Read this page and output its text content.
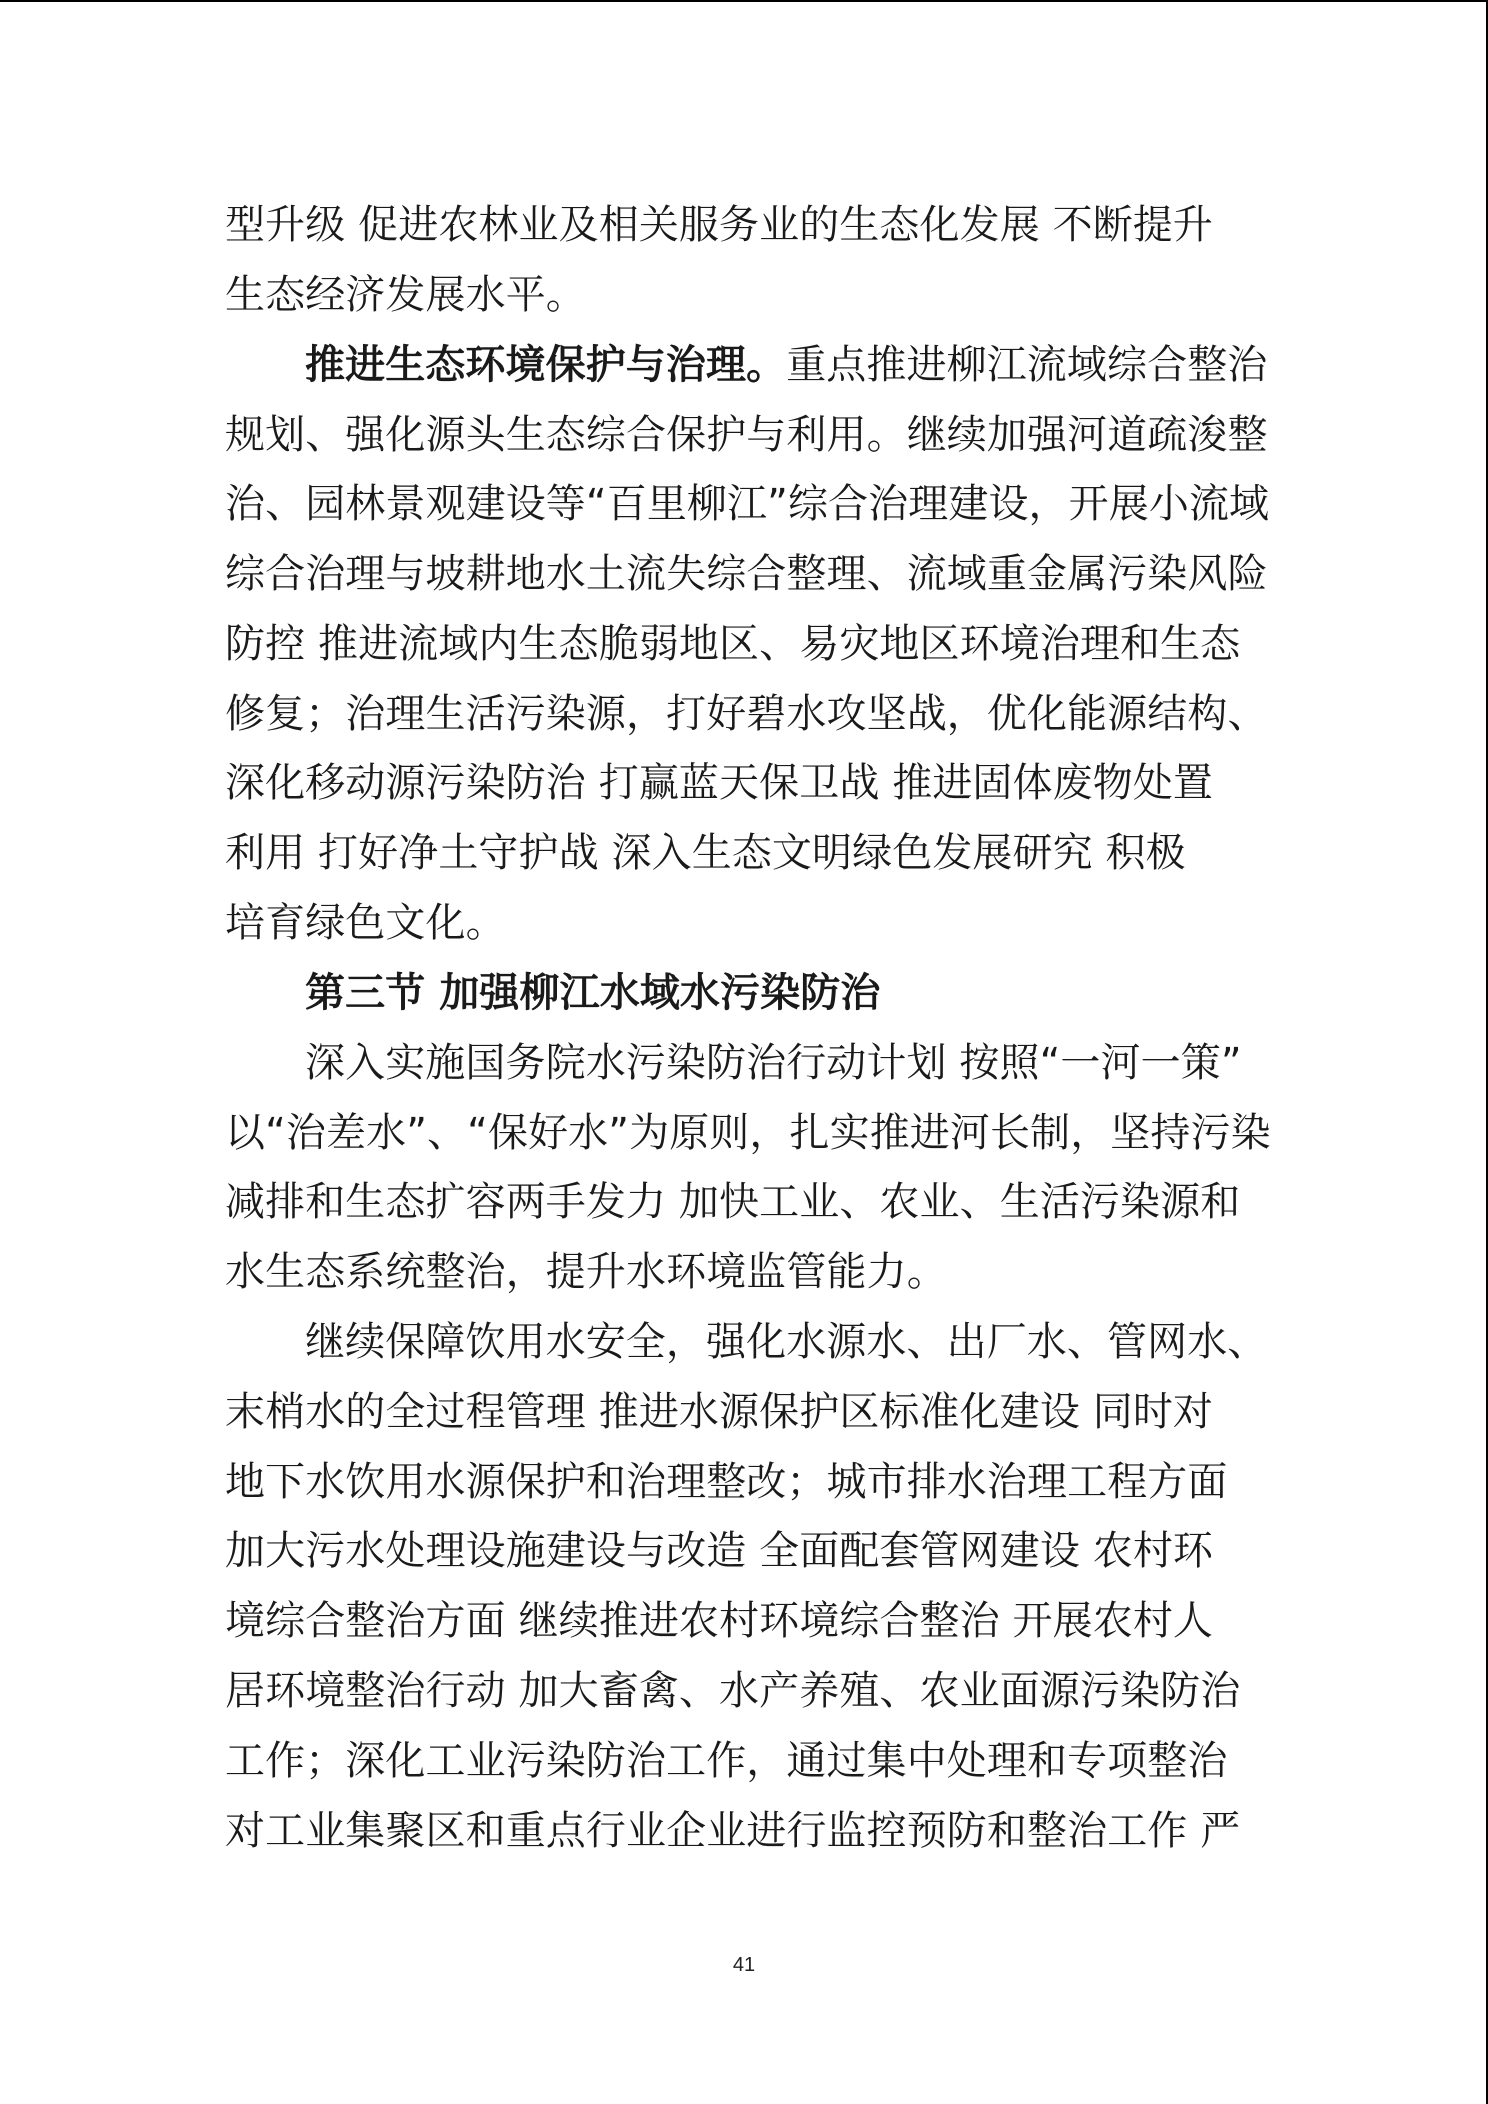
型升级 促进农林业及相关服务业的生态化发展 不断提升
生态经济发展水平。
推进生态环境保护与治理。重点推进柳江流域综合整治
规划、强化源头生态综合保护与利用。继续加强河道疏浚整
治、园林景观建设等“百里柳江”综合治理建设，开展小流域
综合治理与坡耕地水土流失综合整理、流域重金属污染风险
防控 推进流域内生态脆弱地区、易灾地区环境治理和生态
修复；治理生活污染源，打好碧水攻坚战，优化能源结构、
深化移动源污染防治 打赢蓝天保卫战 推进固体废物处置
利用 打好净土守护战 深入生态文明绿色发展研究 积极
培育绿色文化。
第三节 加强柳江水域水污染防治
深入实施国务院水污染防治行动计划 按照“一河一策”
以“治差水”、“保好水”为原则，扎实推进河长制，坚持污染
减排和生态扩容两手发力 加快工业、农业、生活污染源和
水生态系统整治，提升水环境监管能力。
继续保障饮用水安全，强化水源水、出厂水、管网水、
末梢水的全过程管理 推进水源保护区标准化建设 同时对
地下水饮用水源保护和治理整改；城市排水治理工程方面
加大污水处理设施建设与改造 全面配套管网建设 农村环
境综合整治方面 继续推进农村环境综合整治 开展农村人
居环境整治行动 加大畜禽、水产养殖、农业面源污染防治
工作；深化工业污染防治工作，通过集中处理和专项整治
对工业集聚区和重点行业企业进行监控预防和整治工作 严
41
